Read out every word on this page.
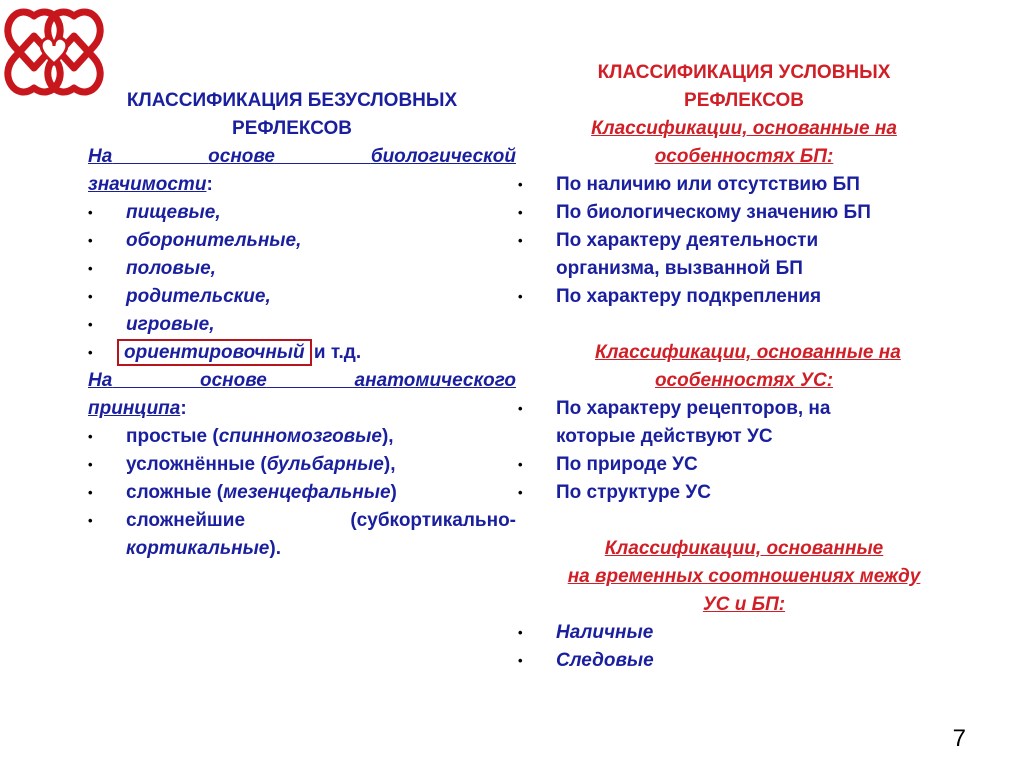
КЛАССИФИКАЦИЯ БЕЗУСЛОВНЫХ РЕФЛЕКСОВ
На	основе	биологической
значимости:
• пищевые,
• оборонительные,
• половые,
• родительские,
• игровые,
• ориентировочный и т.д.
На	основе	анатомического
принципа:
• простые (спинномозговые),
• усложнённые (бульбарные),
• сложные (мезенцефальные)
• сложнейшие	(субкортикально-
кортикальные).
КЛАССИФИКАЦИЯ УСЛОВНЫХ РЕФЛЕКСОВ
Классификации, основанные на
особенностях БП:
• По наличию или отсутствию БП
• По биологическому значению БП
• По характеру деятельности организма, вызванной БП
• По характеру подкрепления
Классификации, основанные на
особенностях УС:
• По характеру рецепторов, на которые действуют УС
• По природе УС
• По структуре УС
Классификации, основанные
на временных соотношениях между
УС и БП:
• Наличные
• Следовые
7
